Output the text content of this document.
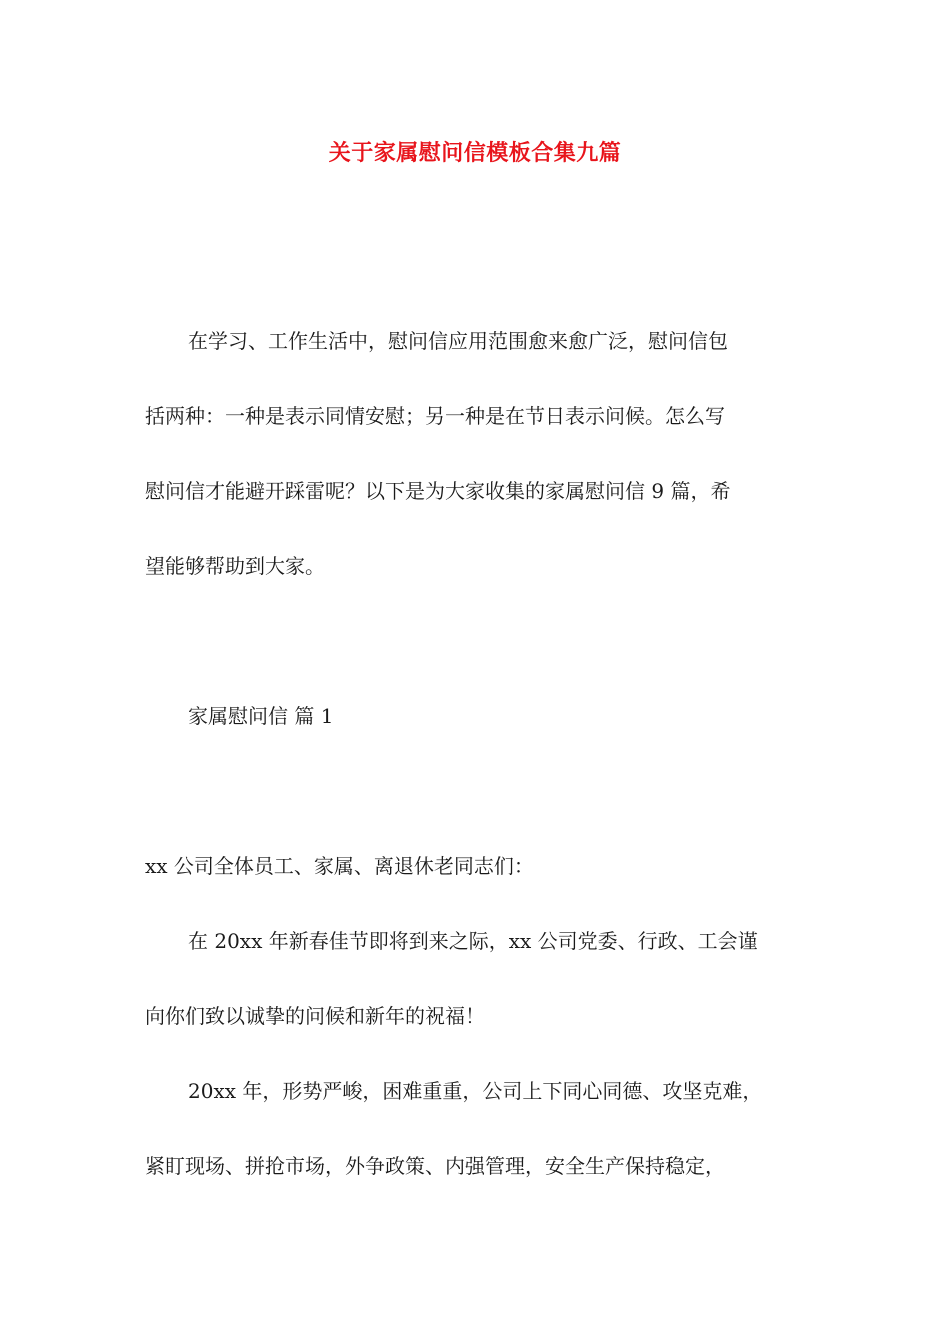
关于家属慰问信模板合集九篇
在学习、工作生活中，慰问信应用范围愈来愈广泛，慰问信包
括两种：一种是表示同情安慰；另一种是在节日表示问候。怎么写
慰问信才能避开踩雷呢？以下是为大家收集的家属慰问信 9 篇，希
望能够帮助到大家。
家属慰问信 篇 1
xx 公司全体员工、家属、离退休老同志们：
在 20xx 年新春佳节即将到来之际，xx 公司党委、行政、工会谨
向你们致以诚挚的问候和新年的祝福！
20xx 年，形势严峻，困难重重，公司上下同心同德、攻坚克难，
紧盯现场、拼抢市场，外争政策、内强管理，安全生产保持稳定，
